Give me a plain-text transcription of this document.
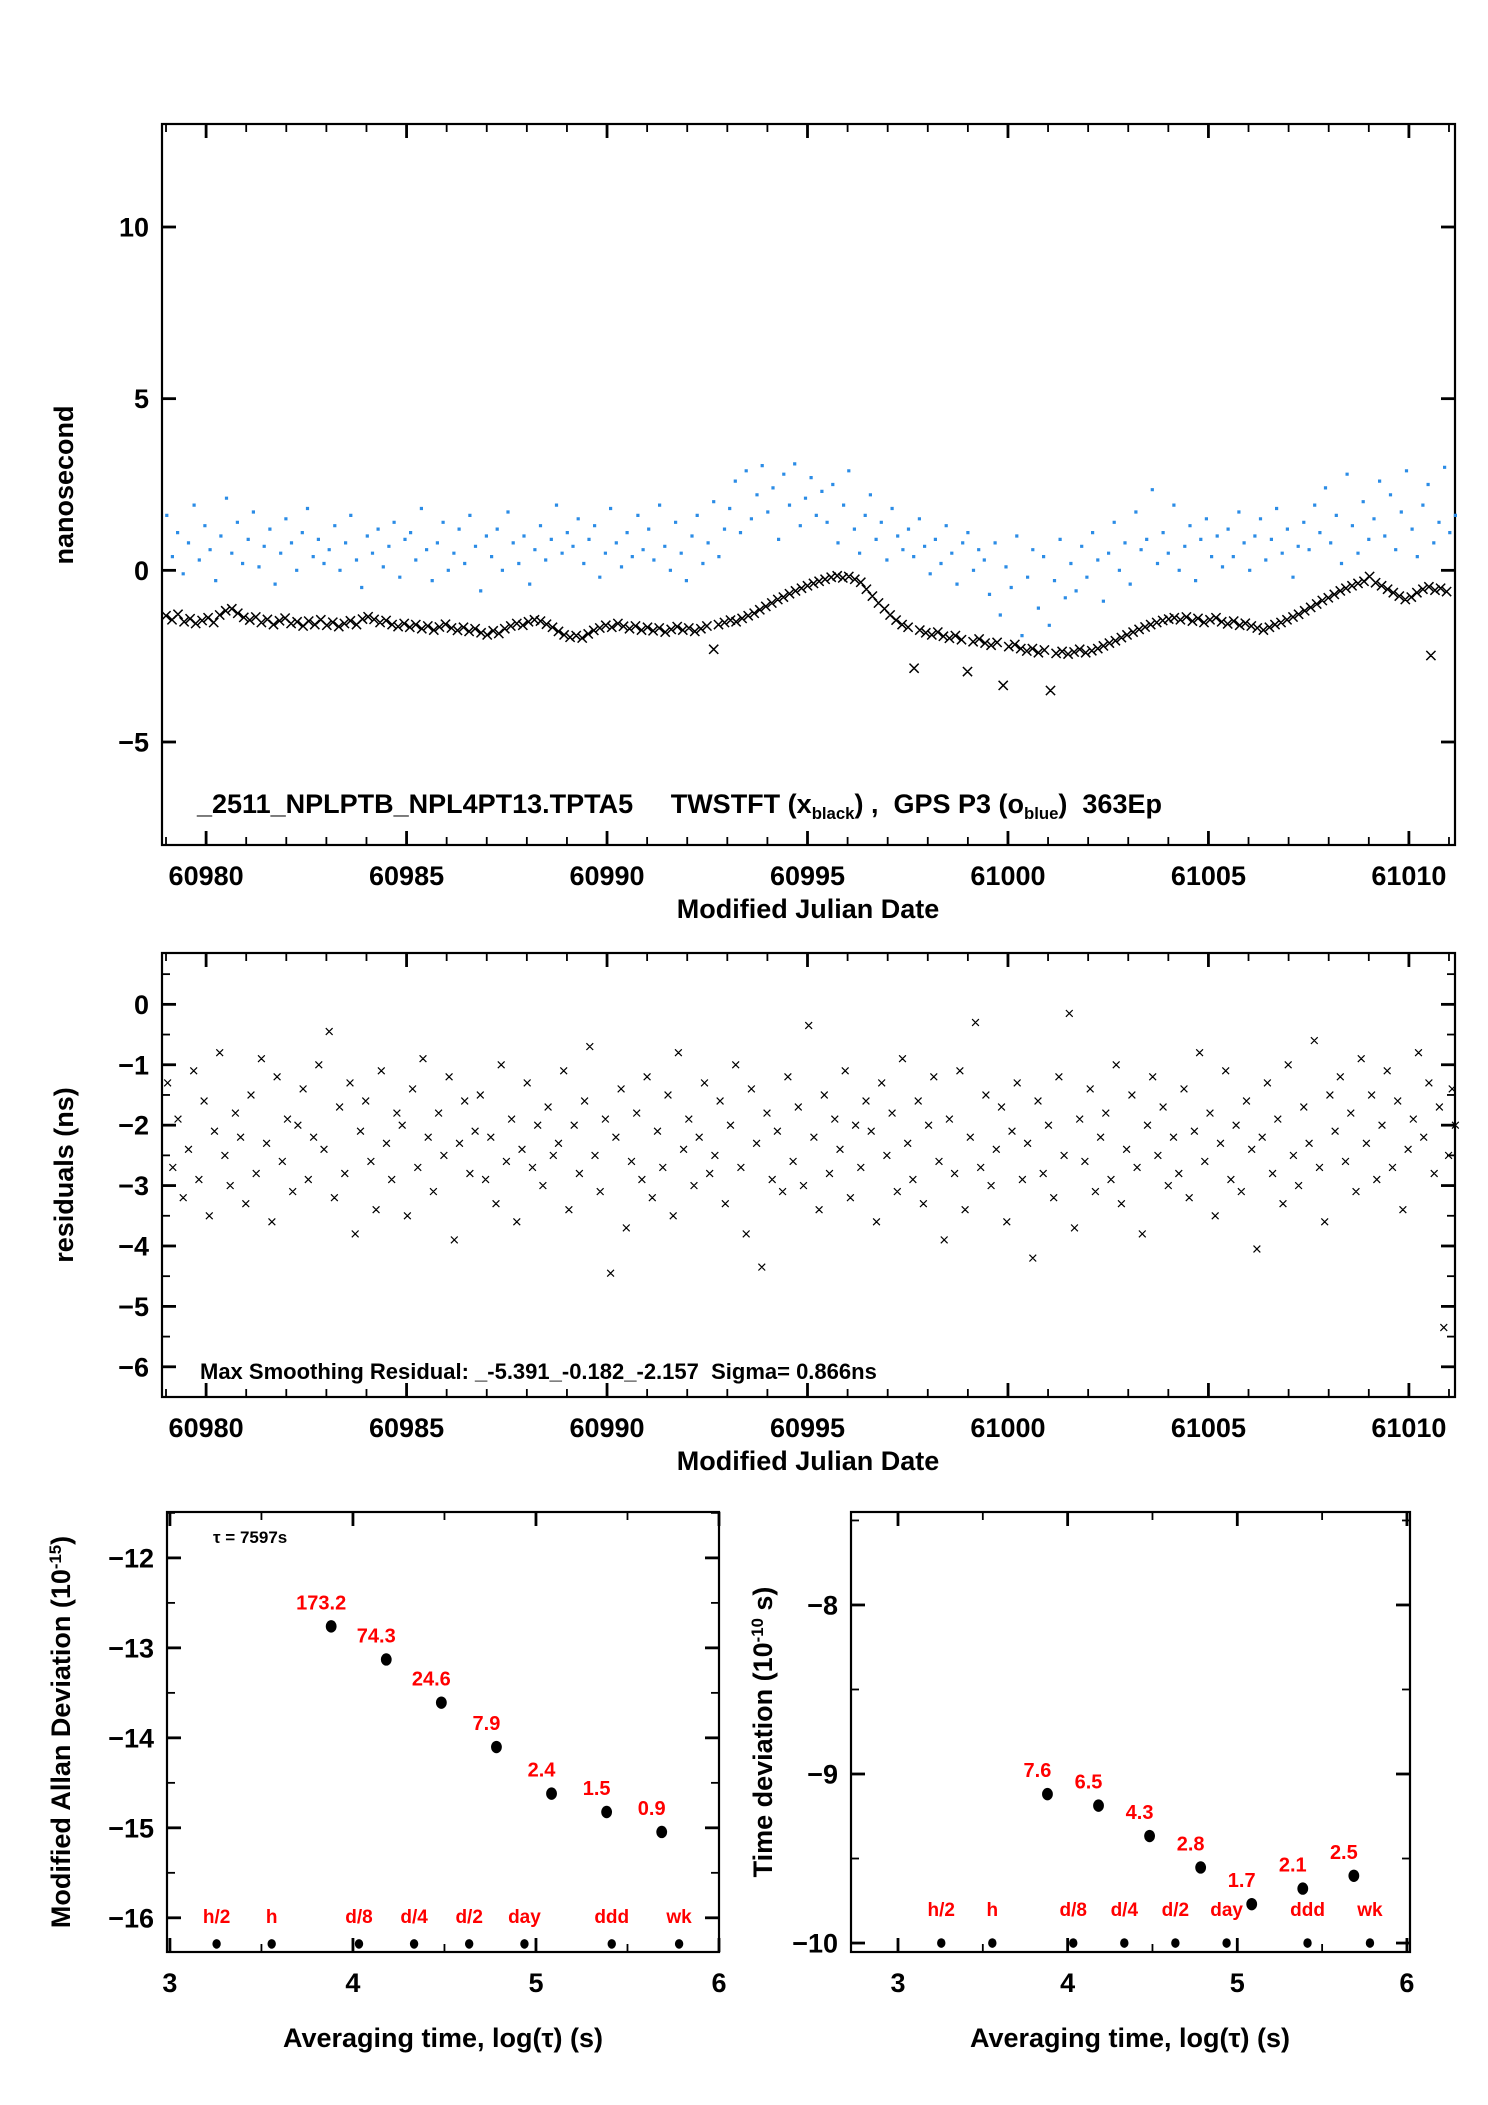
60980	60985	60990	60995	61000	61005	61010
−5
0
5
10
60980	60985	60990	60995	61000	61005	61010
0
−1
−2
−3
−4
−5
−6
3	4	5	6
−12
−13
−14
−15
−16
173.2
74.3
24.6
7.9
2.4
1.5
0.9
h/2 h	d/8 d/4 d/2 day	ddd wk
3	4	5	6
−8
−9
−10
7.6
6.5
4.3
2.8
1.7
2.1
2.5
h/2 h	d/8 d/4 d/2 day ddd wk
_2511_NPLPTB_NPL4PT13.TPTA5 TWSTFT $(x_{black})$ ,  GPS P3 $(o_{blue})$  363Ep
Max Smoothing Residual: _-5.391_-0.182_-2.157  Sigma= 0.866ns
τ = 7597s
Modified Julian Date
Modified Julian Date
Averaging time, log(τ) (s)	Averaging time, log(τ) (s)
nanosecond
residuals (ns)
Modified Allan Deviation $(10^{-15})$
Time deviation ($10^{-10}$ s)
